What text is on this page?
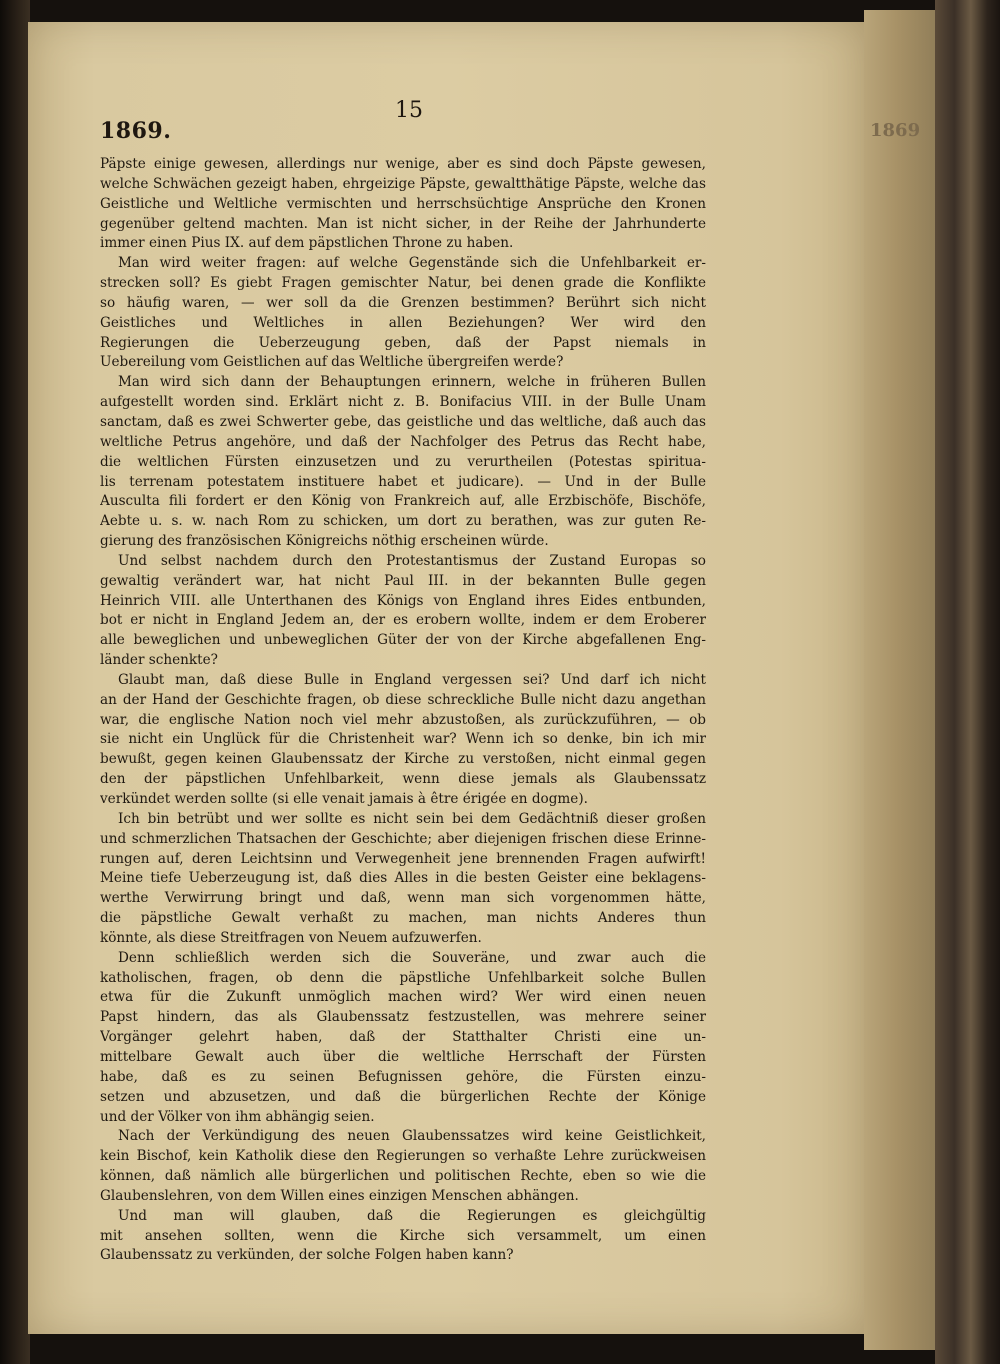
1869
15
1869.
Päpste einige gewesen, allerdings nur wenige, aber es sind doch Päpste gewesen,
welche Schwächen gezeigt haben, ehrgeizige Päpste, gewaltthätige Päpste, welche das
Geistliche und Weltliche vermischten und herrschsüchtige Ansprüche den Kronen
gegenüber geltend machten. Man ist nicht sicher, in der Reihe der Jahrhunderte
immer einen Pius IX. auf dem päpstlichen Throne zu haben.
Man wird weiter fragen: auf welche Gegenstände sich die Unfehlbarkeit er-
strecken soll? Es giebt Fragen gemischter Natur, bei denen grade die Konflikte
so häufig waren, — wer soll da die Grenzen bestimmen? Berührt sich nicht
Geistliches und Weltliches in allen Beziehungen? Wer wird den
Regierungen die Ueberzeugung geben, daß der Papst niemals in
Uebereilung vom Geistlichen auf das Weltliche übergreifen werde?
Man wird sich dann der Behauptungen erinnern, welche in früheren Bullen
aufgestellt worden sind. Erklärt nicht z. B. Bonifacius VIII. in der Bulle Unam
sanctam, daß es zwei Schwerter gebe, das geistliche und das weltliche, daß auch das
weltliche Petrus angehöre, und daß der Nachfolger des Petrus das Recht habe,
die weltlichen Fürsten einzusetzen und zu verurtheilen (Potestas spiritua-
lis terrenam potestatem instituere habet et judicare). — Und in der Bulle
Ausculta fili fordert er den König von Frankreich auf, alle Erzbischöfe, Bischöfe,
Aebte u. s. w. nach Rom zu schicken, um dort zu berathen, was zur guten Re-
gierung des französischen Königreichs nöthig erscheinen würde.
Und selbst nachdem durch den Protestantismus der Zustand Europas so
gewaltig verändert war, hat nicht Paul III. in der bekannten Bulle gegen
Heinrich VIII. alle Unterthanen des Königs von England ihres Eides entbunden,
bot er nicht in England Jedem an, der es erobern wollte, indem er dem Eroberer
alle beweglichen und unbeweglichen Güter der von der Kirche abgefallenen Eng-
länder schenkte?
Glaubt man, daß diese Bulle in England vergessen sei? Und darf ich nicht
an der Hand der Geschichte fragen, ob diese schreckliche Bulle nicht dazu angethan
war, die englische Nation noch viel mehr abzustoßen, als zurückzuführen, — ob
sie nicht ein Unglück für die Christenheit war? Wenn ich so denke, bin ich mir
bewußt, gegen keinen Glaubenssatz der Kirche zu verstoßen, nicht einmal gegen
den der päpstlichen Unfehlbarkeit, wenn diese jemals als Glaubenssatz
verkündet werden sollte (si elle venait jamais à être érigée en dogme).
Ich bin betrübt und wer sollte es nicht sein bei dem Gedächtniß dieser großen
und schmerzlichen Thatsachen der Geschichte; aber diejenigen frischen diese Erinne-
rungen auf, deren Leichtsinn und Verwegenheit jene brennenden Fragen aufwirft!
Meine tiefe Ueberzeugung ist, daß dies Alles in die besten Geister eine beklagens-
werthe Verwirrung bringt und daß, wenn man sich vorgenommen hätte,
die päpstliche Gewalt verhaßt zu machen, man nichts Anderes thun
könnte, als diese Streitfragen von Neuem aufzuwerfen.
Denn schließlich werden sich die Souveräne, und zwar auch die
katholischen, fragen, ob denn die päpstliche Unfehlbarkeit solche Bullen
etwa für die Zukunft unmöglich machen wird? Wer wird einen neuen
Papst hindern, das als Glaubenssatz festzustellen, was mehrere seiner
Vorgänger gelehrt haben, daß der Statthalter Christi eine un-
mittelbare Gewalt auch über die weltliche Herrschaft der Fürsten
habe, daß es zu seinen Befugnissen gehöre, die Fürsten einzu-
setzen und abzusetzen, und daß die bürgerlichen Rechte der Könige
und der Völker von ihm abhängig seien.
Nach der Verkündigung des neuen Glaubenssatzes wird keine Geistlichkeit,
kein Bischof, kein Katholik diese den Regierungen so verhaßte Lehre zurückweisen
können, daß nämlich alle bürgerlichen und politischen Rechte, eben so wie die
Glaubenslehren, von dem Willen eines einzigen Menschen abhängen.
Und man will glauben, daß die Regierungen es gleichgültig
mit ansehen sollten, wenn die Kirche sich versammelt, um einen
Glaubenssatz zu verkünden, der solche Folgen haben kann?
